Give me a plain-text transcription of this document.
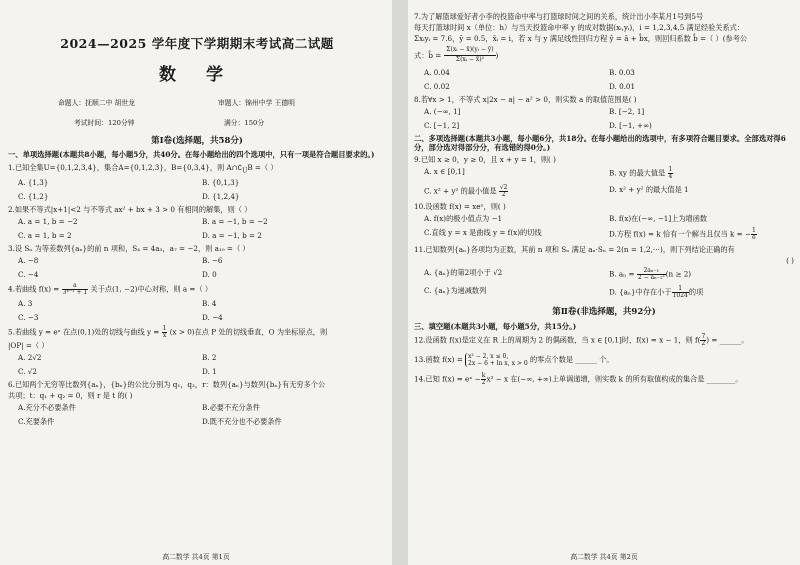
2024—2025 学年度下学期期末考试高二试题
数 学
命题人：抚顺二中 胡世龙	审题人：锦州中学 王德明
考试时间：120分钟	满分：150分
第Ⅰ卷(选择题，共58分)
一、单项选择题(本题共8小题，每小题5分，共40分。在每小题给出的四个选项中，只有一项是符合题目要求的。)
1.已知全集U={0,1,2,3,4}，集合A={0,1,2,3}，B={0,3,4}，则 $A\cap∁_UB$ =（ ）
A. {1,3}	B. {0,1,3}
C. {1,2}	D. {1,2,4}
2.如果不等式|x+1|<2 与不等式 ax² + bx + 3 > 0 有相同的解集，则（ ）
A. a = 1, b = −2	B. a = −1, b = −2
C. a = 1, b = 2	D. a = −1, b = 2
3.设 Sₙ 为等差数列{aₙ}的前 n 项和，S₄ = 4a₃，a₇ = −2，则 a₁₀ =（ ）
A. −8	B. −6
C. −4	D. 0
4.若曲线 $f(x) = \frac{a}{\text{3ˣ⁻¹ + 1}}$ 关于点(1, −2)中心对称，则 a =（ ）
A. 3	B. 4
C. −3	D. −4
5.若曲线 y = eˣ 在点(0,1)处的切线与曲线 $y = \frac{1}{x} (x > 0)$在点 P 处的切线垂直，O 为坐标原点，则
|OP| =（ ）
A. 2√2	B. 2
C. √2	D. 1
6.已知两个无穷等比数列{aₙ}，{bₙ}的公比分别为 q₁，q₂，r：数列{aₙ}与数列{bₙ}有无穷多个公
共项；t：q₁ + q₂ = 0，则 r 是 t 的( )
A.充分不必要条件	B.必要不充分条件
C.充要条件	D.既不充分也不必要条件
高二数学 共4页 第1页
7.为了解篮球爱好者小李的投篮命中率与打篮球时间之间的关系，统计出小李某月1号到5号
每天打篮球时间 x（单位：h）与当天投篮命中率 y 的成对数据(xᵢ,yᵢ)，i = 1,2,3,4,5 满足经验关系式：
Σxᵢyᵢ = 7.6，ȳ = 0.5，x̄ᵢ = i，若 x 与 y 满足线性回归方程 ŷ = â + b̂x，则回归系数 b̂ =（ ）(参考公
式：b̂ = $\frac{\text{Σ(xᵢ − x̄)(yᵢ − ȳ)}}{\text{Σ(xᵢ − x̄)²}}$ )
A. 0.04	B. 0.03
C. 0.02	D. 0.01
8.若∀x > 1，不等式 x|2x − a| − a² > 0，则实数 a 的取值范围是( )
A. (−∞, 1]	B. [−2, 1]
C. [−1, 2]	D. [−1, +∞)
二、多项选择题(本题共3小题，每小题6分，共18分。在每小题给出的选项中，有多项符合题目要求。全部选对得6分，部分选对得部分分，有选错的得0分。)
9.已知 x ≥ 0，y ≥ 0，且 x + y = 1，则( )
A. x ∈ [0,1]	B. xy 的最大值是 $\frac{1}{4}$
C. x² + y² 的最小值是 $\frac{√2}{2}$	D. x² + y² 的最大值是 1
10.设函数 f(x) = xeˣ，则( )
A. f(x)的极小值点为 −1	B. f(x)在(−∞, −1]上为增函数
C.直线 y = x 是曲线 y = f(x)的切线	D.方程 f(x) = k 恰有一个解当且仅当 k = − $\frac{1}{e}$
11.已知数列{aₙ}各项均为正数，其前 n 项和 Sₙ 满足 aₙ·Sₙ = 2(n = 1,2,⋯)，则下列结论正确的有
( )
A. {aₙ}的第2项小于 √2	B. $a_n = \frac{\text{2aₙ₋₁}}{\text{2 − aₙ₋₁²}} (n \ge 2)$
C. {aₙ}为递减数列	D. {aₙ}中存在小于 $\frac{1}{1024}$ 的项
第Ⅱ卷(非选择题，共92分)
三、填空题(本题共3小题，每小题5分，共15分。)
12.设函数 f(x)是定义在 R 上的周期为 2 的偶函数，当 x ∈ [0,1]时，f(x) = x − 1，则 $f( \frac{7}{2}$ ) = ______。
13.函数 f(x) = x² − 2, x ≤ 0,
2x − 6 + ln x, x > 0 的零点个数是 ______ 个。
14.已知 f(x) = eˣ − $\frac{k}{2} x^2 - x$ 在(−∞, +∞)上单调递增，则实数 k 的所有取值构成的集合是 ________。
高二数学 共4页 第2页
